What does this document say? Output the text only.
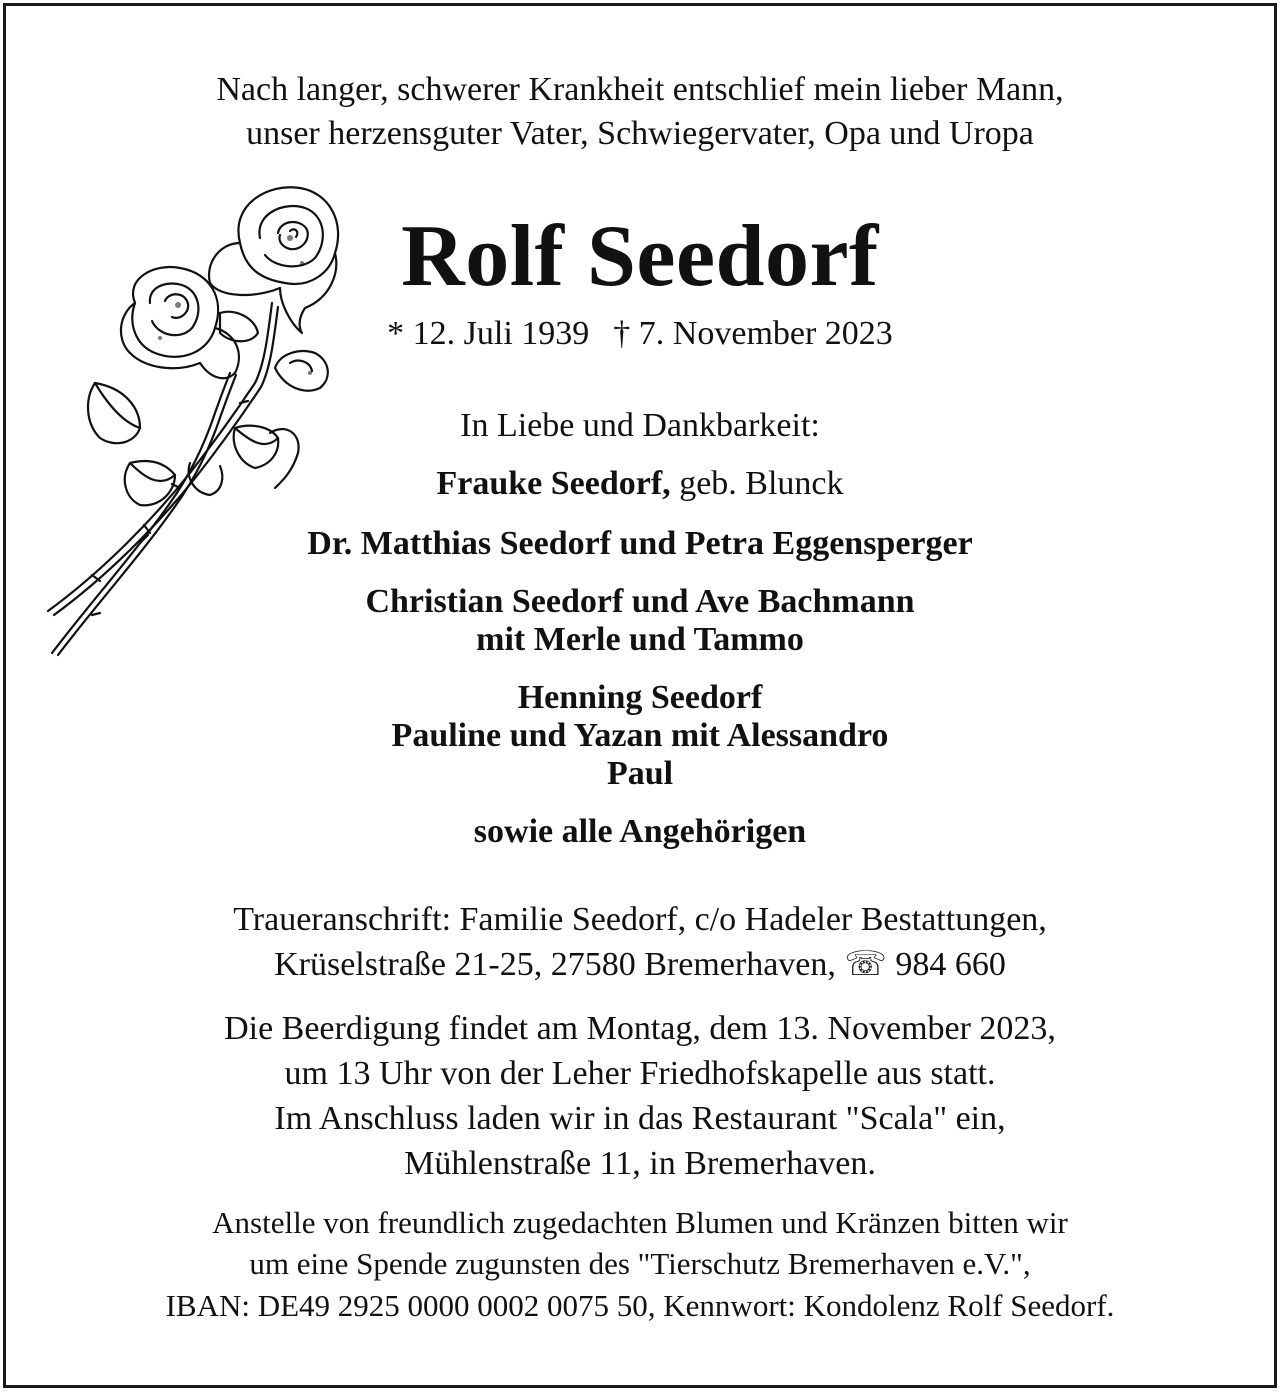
Nach langer, schwerer Krankheit entschlief mein lieber Mann,
unser herzensguter Vater, Schwiegervater, Opa und Uropa
Rolf Seedorf
* 12. Juli 1939 † 7. November 2023
In Liebe und Dankbarkeit:
Frauke Seedorf, geb. Blunck
Dr. Matthias Seedorf und Petra Eggensperger
Christian Seedorf und Ave Bachmann
mit Merle und Tammo
Henning Seedorf
Pauline und Yazan mit Alessandro
Paul
sowie alle Angehörigen
Traueranschrift: Familie Seedorf, c/o Hadeler Bestattungen,
Krüselstraße 21-25, 27580 Bremerhaven, ☏ 984 660
Die Beerdigung findet am Montag, dem 13. November 2023,
um 13 Uhr von der Leher Friedhofskapelle aus statt.
Im Anschluss laden wir in das Restaurant "Scala" ein,
Mühlenstraße 11, in Bremerhaven.
Anstelle von freundlich zugedachten Blumen und Kränzen bitten wir
um eine Spende zugunsten des "Tierschutz Bremerhaven e.V.",
IBAN: DE49 2925 0000 0002 0075 50, Kennwort: Kondolenz Rolf Seedorf.
